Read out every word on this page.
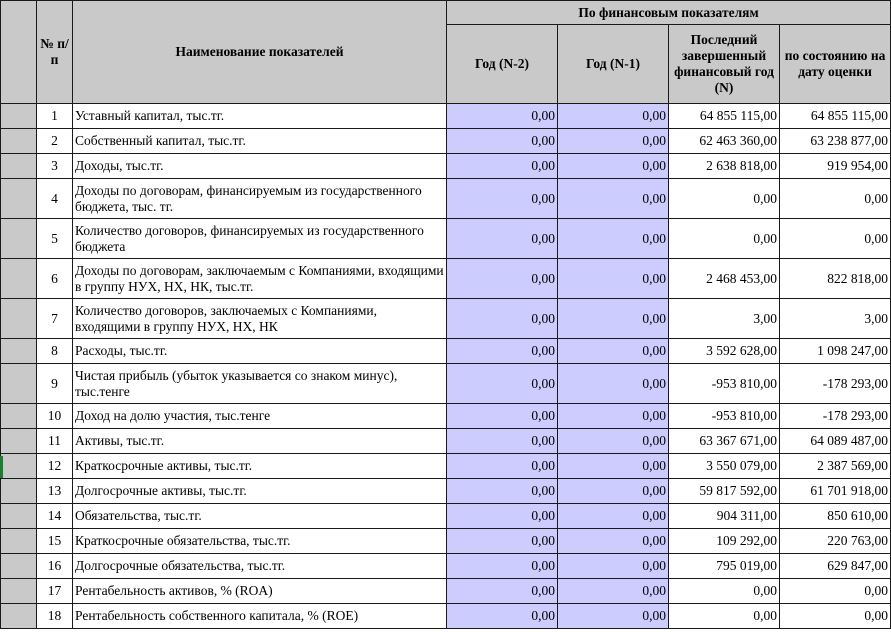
	№ п/п	Наименование показателей	По финансовым показателям			
			Год (N-2)	Год (N-1)	Последний завершенный финансовый год (N)	по состоянию на дату оценки
	1	Уставный капитал, тыс.тг.	0,00	0,00	64 855 115,00	64 855 115,00
	2	Собственный капитал, тыс.тг.	0,00	0,00	62 463 360,00	63 238 877,00
	3	Доходы, тыс.тг.	0,00	0,00	2 638 818,00	919 954,00
	4	Доходы по договорам, финансируемым из государственного бюджета, тыс. тг.	0,00	0,00	0,00	0,00
	5	Количество договоров, финансируемых из государственного бюджета	0,00	0,00	0,00	0,00
	6	Доходы по договорам, заключаемым с Компаниями, входящими в группу НУХ, НХ, НК, тыс.тг.	0,00	0,00	2 468 453,00	822 818,00
	7	Количество договоров, заключаемых с Компаниями, входящими в группу НУХ, НХ, НК	0,00	0,00	3,00	3,00
	8	Расходы, тыс.тг.	0,00	0,00	3 592 628,00	1 098 247,00
	9	Чистая прибыль (убыток указывается со знаком минус), тыс.тенге	0,00	0,00	-953 810,00	-178 293,00
	10	Доход на долю участия, тыс.тенге	0,00	0,00	-953 810,00	-178 293,00
	11	Активы, тыс.тг.	0,00	0,00	63 367 671,00	64 089 487,00
	12	Краткосрочные активы, тыс.тг.	0,00	0,00	3 550 079,00	2 387 569,00
	13	Долгосрочные активы, тыс.тг.	0,00	0,00	59 817 592,00	61 701 918,00
	14	Обязательства, тыс.тг.	0,00	0,00	904 311,00	850 610,00
	15	Краткосрочные обязательства, тыс.тг.	0,00	0,00	109 292,00	220 763,00
	16	Долгосрочные обязательства, тыс.тг.	0,00	0,00	795 019,00	629 847,00
	17	Рентабельность активов, % (ROA)	0,00	0,00	0,00	0,00
	18	Рентабельность собственного капитала, % (ROE)	0,00	0,00	0,00	0,00
